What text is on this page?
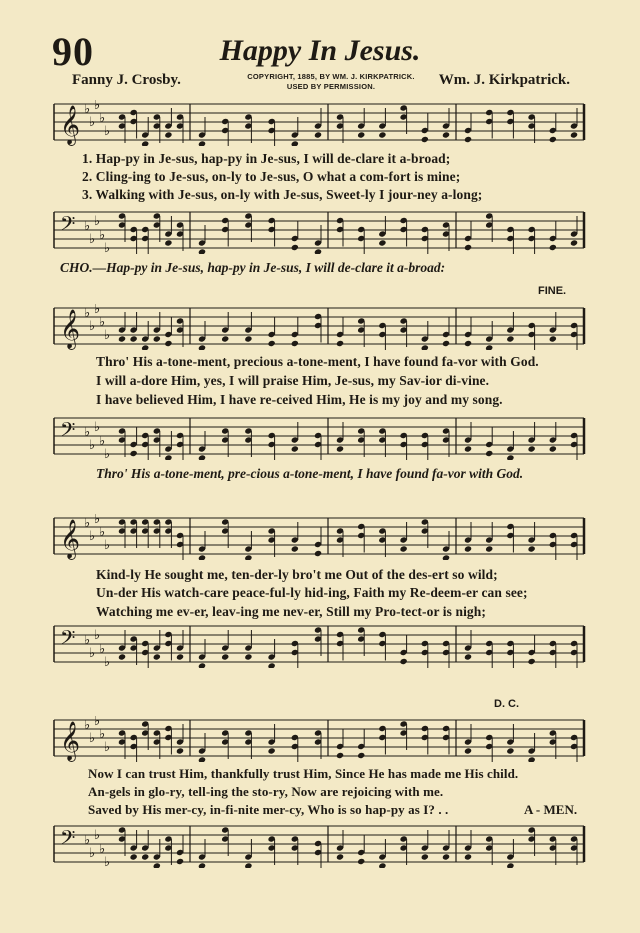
90	Happy In Jesus.
Fanny J. Crosby.	COPYRIGHT, 1885, BY WM. J. KIRKPATRICK.
USED BY PERMISSION.	Wm. J. Kirkpatrick.
𝄞 ♭
♭
♭
♭
♭
1. Hap-py in Je-sus, hap-py in Je-sus, I will de-clare it a-broad;
2. Cling-ing to Je-sus, on-ly to Je-sus, O what a com-fort is mine;
3. Walking with Je-sus, on-ly with Je-sus, Sweet-ly I jour-ney a-long;
𝄢 ♭
♭
♭
♭
♭
CHO.—Hap-py in Je-sus, hap-py in Je-sus, I will de-clare it a-broad:
FINE.
𝄞 ♭
♭
♭
♭
♭
Thro' His a-tone-ment, precious a-tone-ment, I have found fa-vor with God.
I will a-dore Him, yes, I will praise Him, Je-sus, my Sav-ior di-vine.
I have believed Him, I have re-ceived Him, He is my joy and my song.
𝄢 ♭
♭
♭
♭
♭
Thro' His a-tone-ment, pre-cious a-tone-ment, I have found fa-vor with God.
𝄞 ♭
♭
♭
♭
♭
Kind-ly He sought me, ten-der-ly bro't me Out of the des-ert so wild;
Un-der His watch-care peace-ful-ly hid-ing, Faith my Re-deem-er can see;
Watching me ev-er, leav-ing me nev-er, Still my Pro-tect-or is nigh;
𝄢 ♭
♭
♭
♭
♭
D. C.
𝄞 ♭
♭
♭
♭
♭
Now I can trust Him, thankfully trust Him, Since He has made me His child.
An-gels in glo-ry, tell-ing the sto-ry, Now are rejoicing with me.
Saved by His mer-cy, in-fi-nite mer-cy, Who is so hap-py as I? . .	A - MEN.
𝄢 ♭
♭
♭
♭
♭
